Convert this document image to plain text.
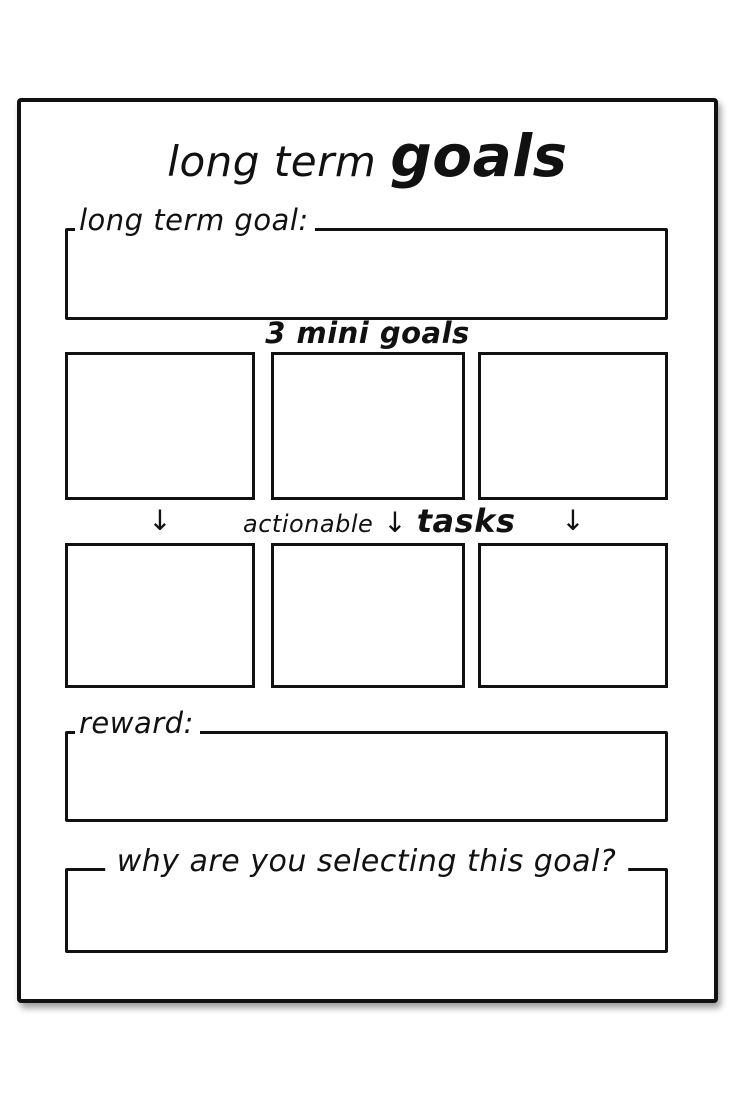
long term goals
long term goal:
3 mini goals
↓	actionable ↓ tasks	↓
reward:
why are you selecting this goal?
